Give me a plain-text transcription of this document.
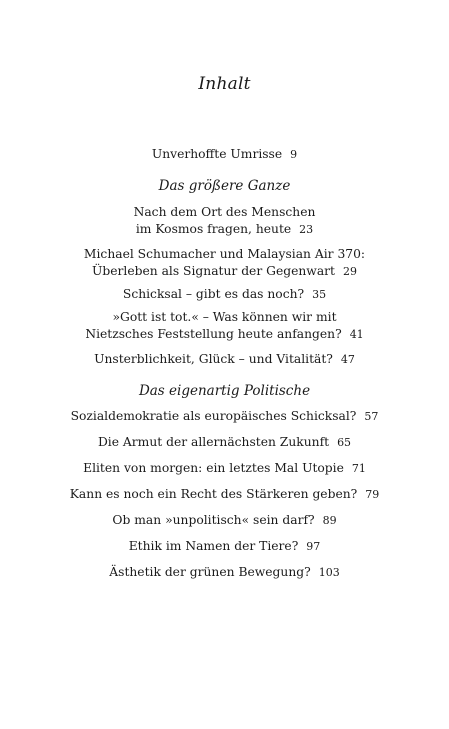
Inhalt
Unverhoffte Umrisse 9
Das größere Ganze
Nach dem Ort des Menschen
im Kosmos fragen, heute 23
Michael Schumacher und Malaysian Air 370:
Überleben als Signatur der Gegenwart 29
Schicksal – gibt es das noch? 35
»Gott ist tot.« – Was können wir mit
Nietzsches Feststellung heute anfangen? 41
Unsterblichkeit, Glück – und Vitalität? 47
Das eigenartig Politische
Sozialdemokratie als europäisches Schicksal? 57
Die Armut der allernächsten Zukunft 65
Eliten von morgen: ein letztes Mal Utopie 71
Kann es noch ein Recht des Stärkeren geben? 79
Ob man »unpolitisch« sein darf? 89
Ethik im Namen der Tiere? 97
Ästhetik der grünen Bewegung? 103
